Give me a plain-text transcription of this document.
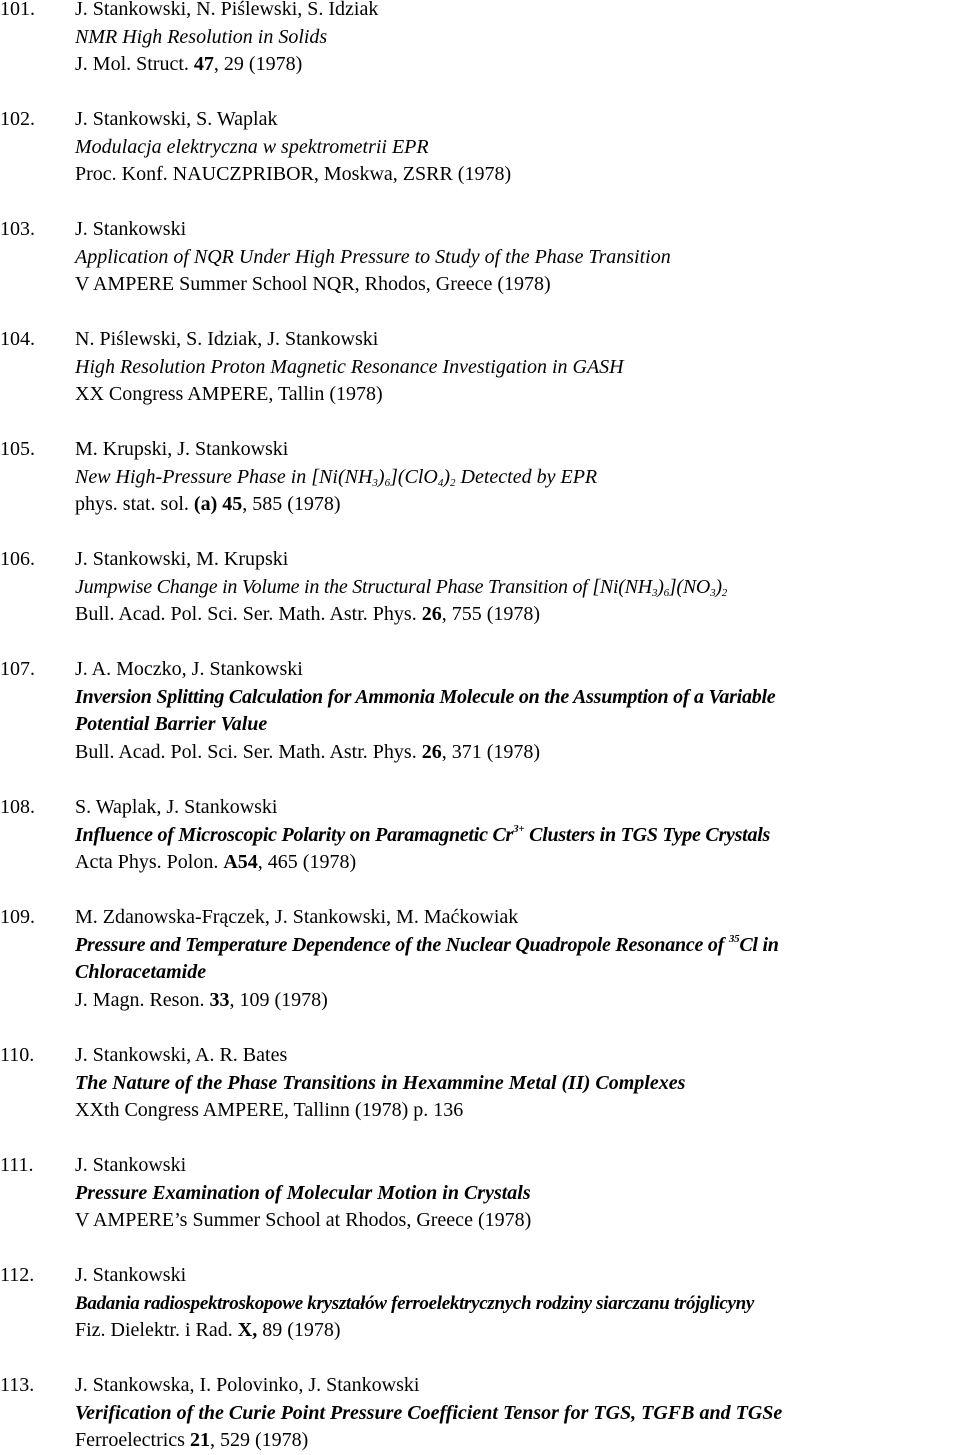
101.	J. Stankowski, N. Piślewski, S. Idziak
NMR High Resolution in Solids
J. Mol. Struct. 47, 29 (1978)
102.	J. Stankowski, S. Waplak
Modulacja elektryczna w spektrometrii EPR
Proc. Konf. NAUCZPRIBOR, Moskwa, ZSRR (1978)
103.	J. Stankowski
Application of NQR Under High Pressure to Study of the Phase Transition
V AMPERE Summer School NQR, Rhodos, Greece (1978)
104.	N. Piślewski, S. Idziak, J. Stankowski
High Resolution Proton Magnetic Resonance Investigation in GASH
XX Congress AMPERE, Tallin (1978)
105.	M. Krupski, J. Stankowski
New High-Pressure Phase in $[Ni(NH_3)_6](ClO_4)_2$ Detected by EPR
phys. stat. sol. (a) 45, 585 (1978)
106.	J. Stankowski, M. Krupski
Jumpwise Change in Volume in the Structural Phase Transition of $[Ni(NH_3)_6](NO_3)_2$
Bull. Acad. Pol. Sci. Ser. Math. Astr. Phys. 26, 755 (1978)
107.	J. A. Moczko, J. Stankowski
Inversion Splitting Calculation for Ammonia Molecule on the Assumption of a Variable
Potential Barrier Value
Bull. Acad. Pol. Sci. Ser. Math. Astr. Phys. 26, 371 (1978)
108.	S. Waplak, J. Stankowski
Influence of Microscopic Polarity on Paramagnetic $Cr^{3+}$ Clusters in TGS Type Crystals
Acta Phys. Polon. A54, 465 (1978)
109.	M. Zdanowska-Frączek, J. Stankowski, M. Maćkowiak
Pressure and Temperature Dependence of the Nuclear Quadropole Resonance of $^{35}$Cl in
Chloracetamide
J. Magn. Reson. 33, 109 (1978)
110.	J. Stankowski, A. R. Bates
The Nature of the Phase Transitions in Hexammine Metal (II) Complexes
XXth Congress AMPERE, Tallinn (1978) p. 136
111.	J. Stankowski
Pressure Examination of Molecular Motion in Crystals
V AMPERE’s Summer School at Rhodos, Greece (1978)
112.	J. Stankowski
Badania radiospektroskopowe kryształów ferroelektrycznych rodziny siarczanu trójglicyny
Fiz. Dielektr. i Rad. X, 89 (1978)
113.	J. Stankowska, I. Polovinko, J. Stankowski
Verification of the Curie Point Pressure Coefficient Tensor for TGS, TGFB and TGSe
Ferroelectrics 21, 529 (1978)
